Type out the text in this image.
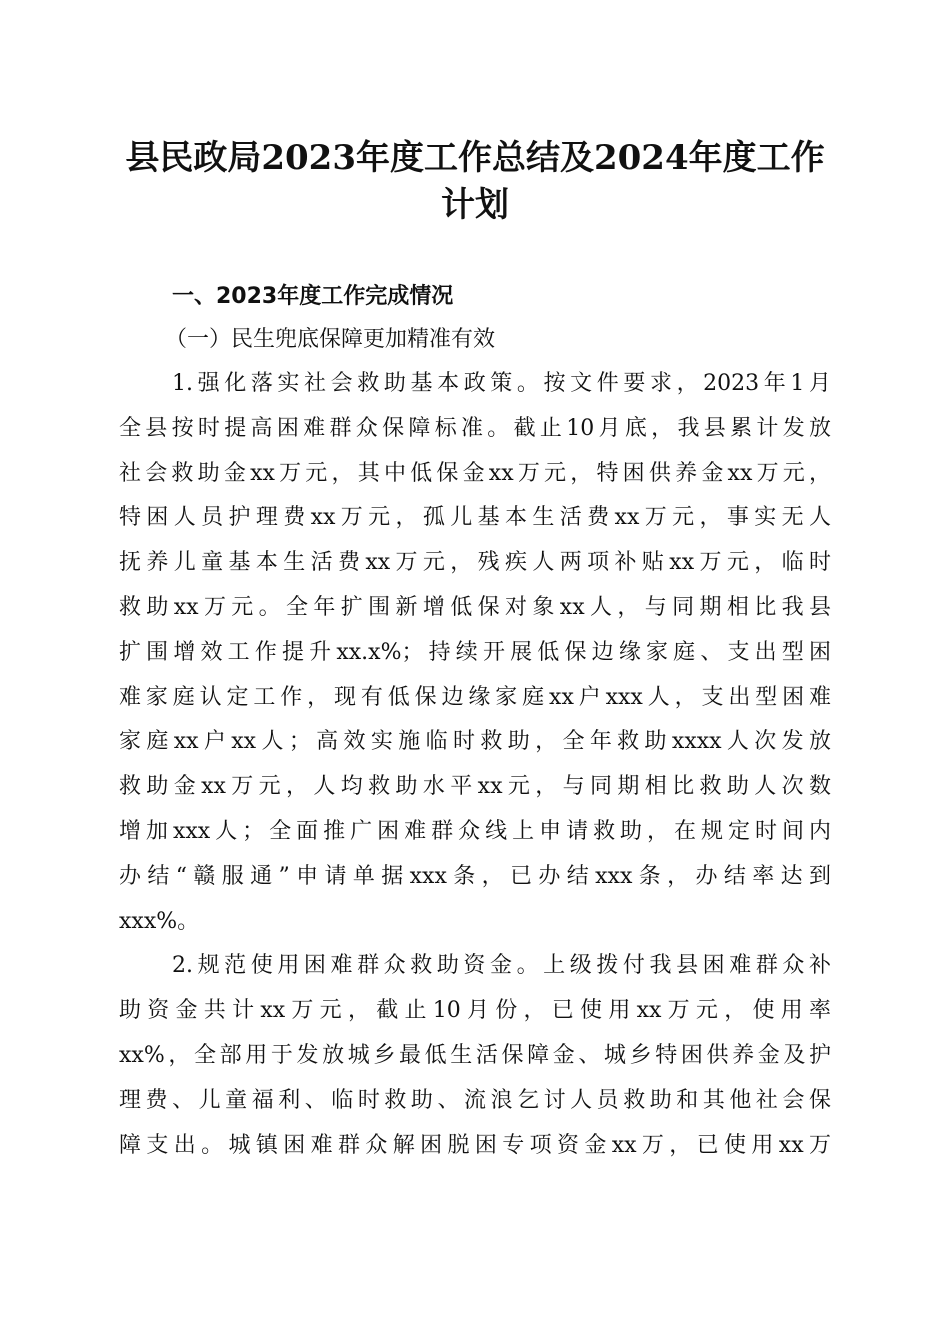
县民政局2023年度工作总结及2024年度工作
计划
一、2023年度工作完成情况
（一）民生兜底保障更加精准有效
1.强化落实社会救助基本政策。按文件要求，2023年1月
全县按时提高困难群众保障标准。截止10月底，我县累计发放
社会救助金xx万元，其中低保金xx万元，特困供养金xx万元，
特困人员护理费xx万元，孤儿基本生活费xx万元，事实无人
抚养儿童基本生活费xx万元，残疾人两项补贴xx万元，临时
救助xx万元。全年扩围新增低保对象xx人，与同期相比我县
扩围增效工作提升xx.x%；持续开展低保边缘家庭、支出型困
难家庭认定工作，现有低保边缘家庭xx户xxx人，支出型困难
家庭xx户xx人；高效实施临时救助，全年救助xxxx人次发放
救助金xx万元，人均救助水平xx元，与同期相比救助人次数
增加xxx人；全面推广困难群众线上申请救助，在规定时间内
办结“赣服通”申请单据xxx条，已办结xxx条，办结率达到
xxx%。
2.规范使用困难群众救助资金。上级拨付我县困难群众补
助资金共计xx万元，截止10月份，已使用xx万元，使用率
xx%，全部用于发放城乡最低生活保障金、城乡特困供养金及护
理费、儿童福利、临时救助、流浪乞讨人员救助和其他社会保
障支出。城镇困难群众解困脱困专项资金xx万，已使用xx万
